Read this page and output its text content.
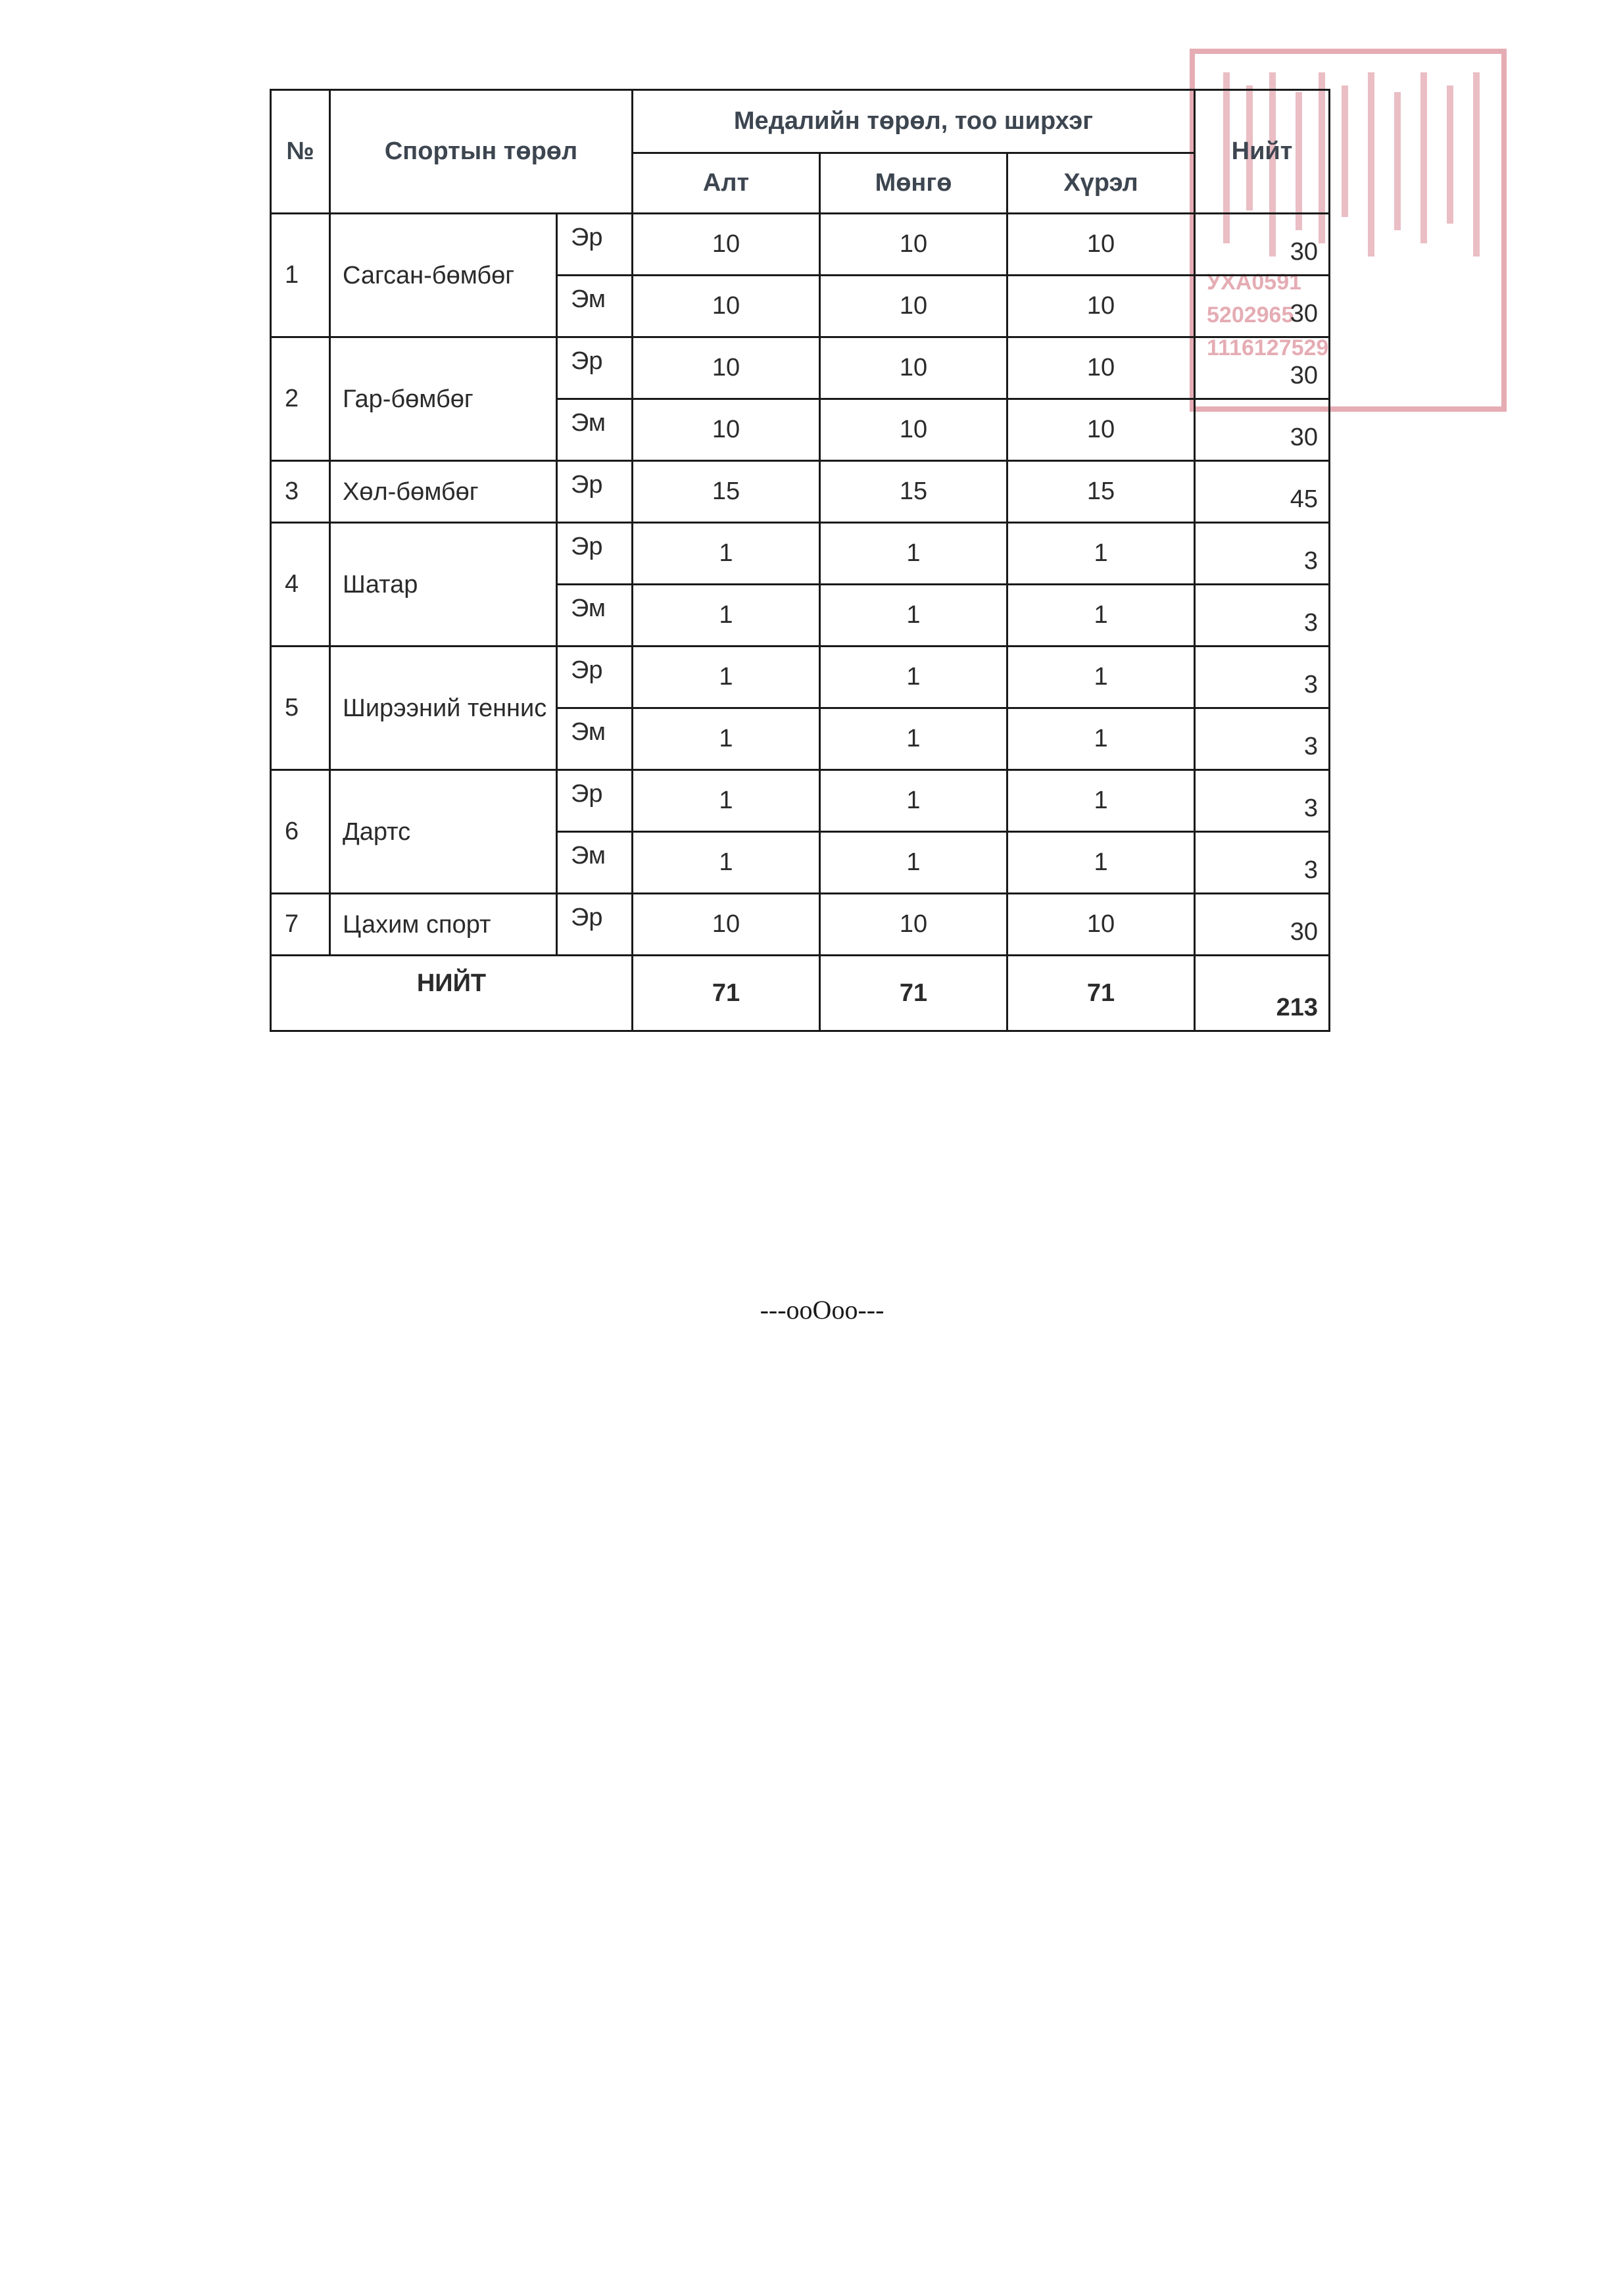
УХА0591
5202965
1116127529
№	Спортын төрөл		Медалийн төрөл, тоо ширхэг			Нийт
			Алт	Мөнгө	Хүрэл	
1	Сагсан-бөмбөг	Эр	10	10	10	30
		Эм	10	10	10	30
2	Гар-бөмбөг	Эр	10	10	10	30
		Эм	10	10	10	30
3	Хөл-бөмбөг	Эр	15	15	15	45
4	Шатар	Эр	1	1	1	3
		Эм	1	1	1	3
5	Ширээний теннис	Эр	1	1	1	3
		Эм	1	1	1	3
6	Дартс	Эр	1	1	1	3
		Эм	1	1	1	3
7	Цахим спорт	Эр	10	10	10	30
НИЙТ			71	71	71	213
---ooOoo---
